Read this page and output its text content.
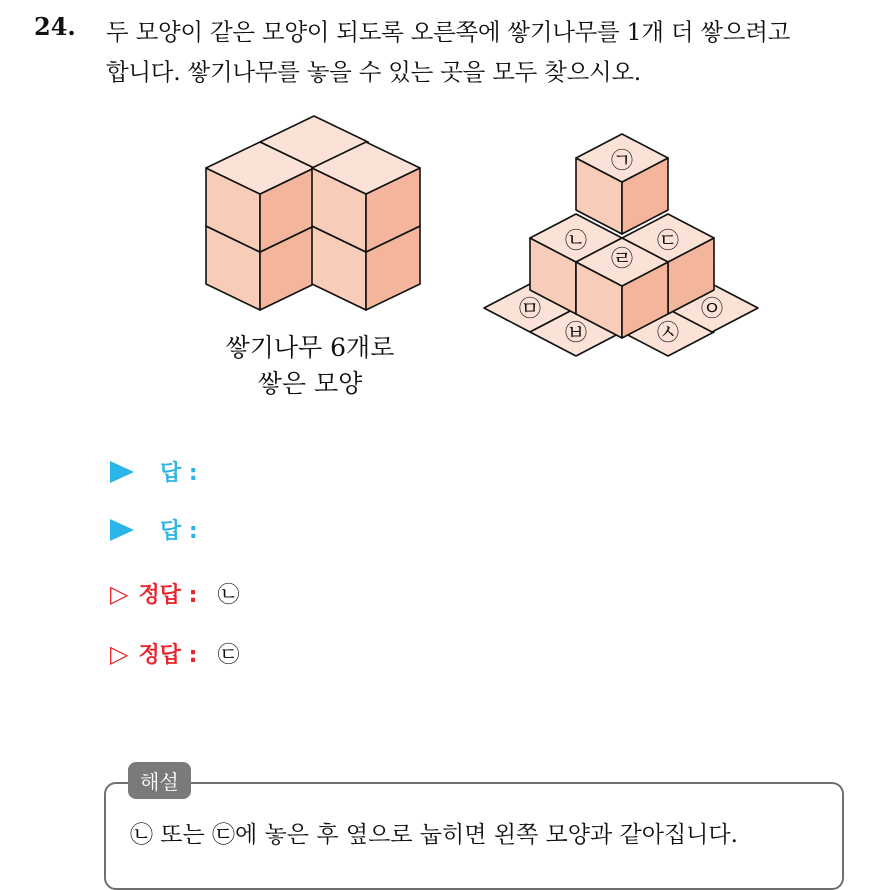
24. 두 모양이 같은 모양이 되도록 오른쪽에 쌓기나무를 1개 더 쌓으려고
합니다. 쌓기나무를 놓을 수 있는 곳을 모두 찾으시오.
㉠
㉡	㉢
㉣
㉤
㉥	㉦
㉧
쌓기나무 6개로
쌓은 모양
답 :
답 :
▷ 정답 : ㉡
▷ 정답 : ㉢
해설
㉡ 또는 ㉢에 놓은 후 옆으로 눕히면 왼쪽 모양과 같아집니다.
